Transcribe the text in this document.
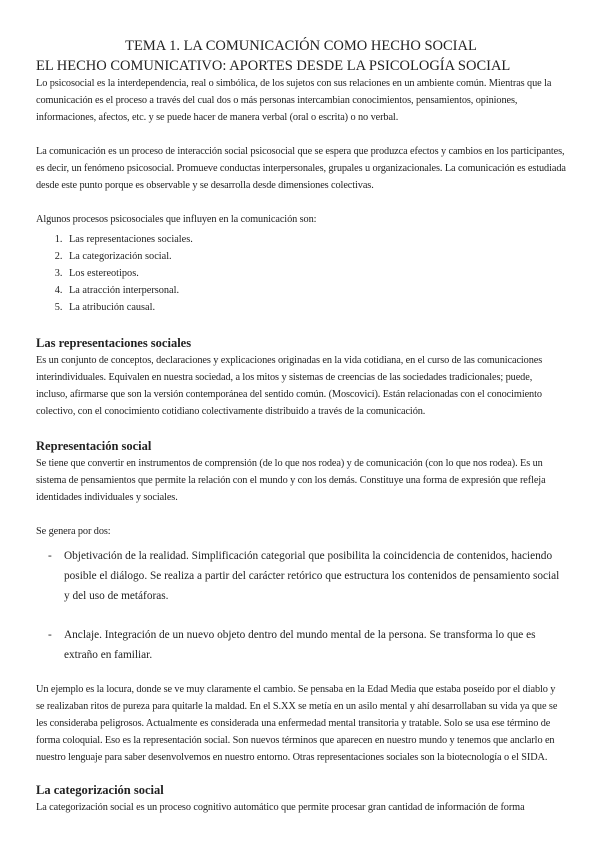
TEMA 1. LA COMUNICACIÓN COMO HECHO SOCIAL
EL HECHO COMUNICATIVO: APORTES DESDE LA PSICOLOGÍA SOCIAL

Lo psicosocial es la interdependencia, real o simbólica, de los sujetos con sus relaciones en un ambiente común. Mientras que la comunicación es el proceso a través del cual dos o más personas intercambian conocimientos, pensamientos, opiniones, informaciones, afectos, etc. y se puede hacer de manera verbal (oral o escrita) o no verbal.

La comunicación es un proceso de interacción social psicosocial que se espera que produzca efectos y cambios en los participantes, es decir, un fenómeno psicosocial. Promueve conductas interpersonales, grupales u organizacionales. La comunicación es estudiada desde este punto porque es observable y se desarrolla desde dimensiones colectivas.

Algunos procesos psicosociales que influyen en la comunicación son:

1. Las representaciones sociales.
2. La categorización social.
3. Los estereotipos.
4. La atracción interpersonal.
5. La atribución causal.
Las representaciones sociales

Es un conjunto de conceptos, declaraciones y explicaciones originadas en la vida cotidiana, en el curso de las comunicaciones interindividuales. Equivalen en nuestra sociedad, a los mitos y sistemas de creencias de las sociedades tradicionales; puede, incluso, afirmarse que son la versión contemporánea del sentido común. (Moscovici). Están relacionadas con el conocimiento colectivo, con el conocimiento cotidiano colectivamente distribuido a través de la comunicación.

Representación social

Se tiene que convertir en instrumentos de comprensión (de lo que nos rodea) y de comunicación (con lo que nos rodea). Es un sistema de pensamientos que permite la relación con el mundo y con los demás. Constituye una forma de expresión que refleja identidades individuales y sociales.

Se genera por dos:

- Objetivación de la realidad. Simplificación categorial que posibilita la coincidencia de contenidos, haciendo posible el diálogo. Se realiza a partir del carácter retórico que estructura los contenidos de pensamiento social y del uso de metáforas.
- Anclaje. Integración de un nuevo objeto dentro del mundo mental de la persona. Se transforma lo que es extraño en familiar.

Un ejemplo es la locura, donde se ve muy claramente el cambio. Se pensaba en la Edad Media que estaba poseído por el diablo y se realizaban ritos de pureza para quitarle la maldad. En el S.XX se metía en un asilo mental y ahí desarrollaban su vida ya que se les consideraba peligrosos. Actualmente es considerada una enfermedad mental transitoria y tratable. Solo se usa ese término de forma coloquial. Eso es la representación social. Son nuevos términos que aparecen en nuestro mundo y tenemos que anclarlo en nuestro lenguaje para saber desenvolvemos en nuestro entorno. Otras representaciones sociales son la biotecnología o el SIDA.

La categorización social

La categorización social es un proceso cognitivo automático que permite procesar gran cantidad de información de forma
